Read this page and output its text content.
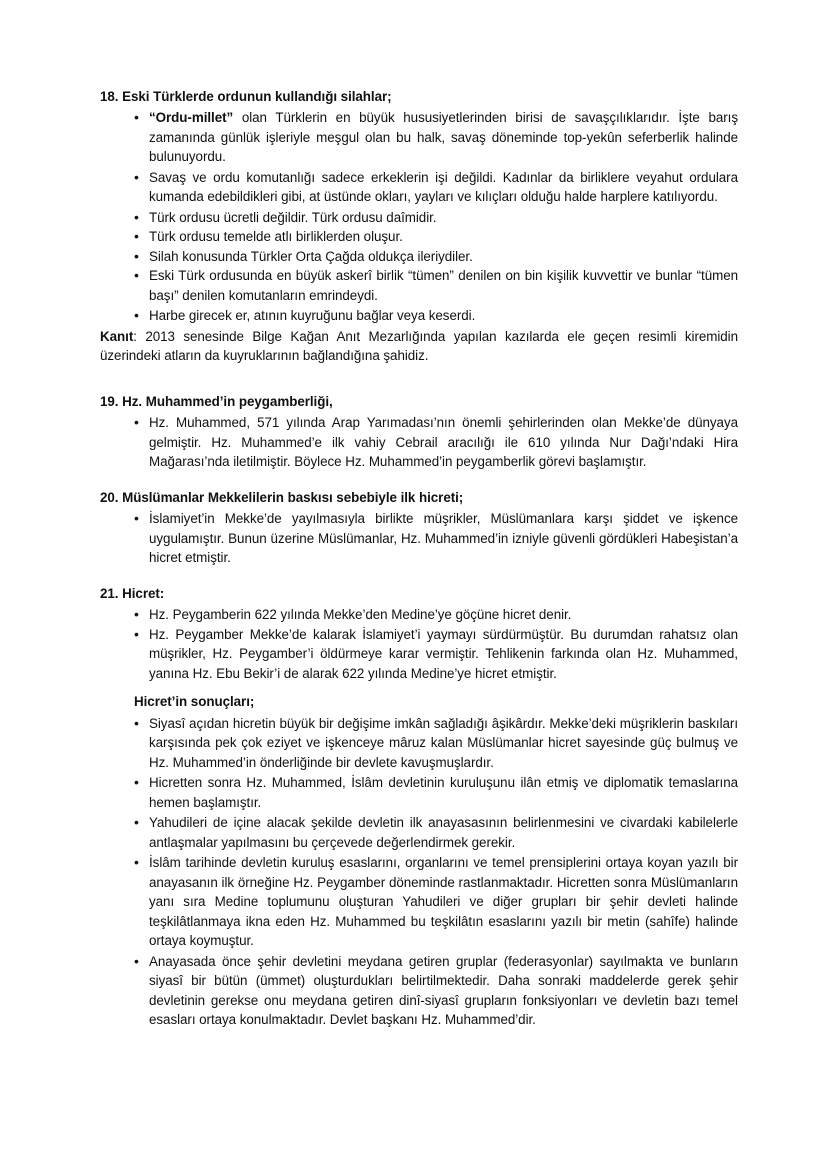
18. Eski Türklerde ordunun kullandığı silahlar;
• “Ordu-millet” olan Türklerin en büyük hususiyetlerinden birisi de savaşçılıklarıdır. İşte barış zamanında günlük işleriyle meşgul olan bu halk, savaş döneminde top-yekûn seferberlik halinde bulunuyordu.
• Savaş ve ordu komutanlığı sadece erkeklerin işi değildi. Kadınlar da birliklere veyahut ordulara kumanda edebildikleri gibi, at üstünde okları, yayları ve kılıçları olduğu halde harplere katılıyordu.
• Türk ordusu ücretli değildir. Türk ordusu daîmidir.
• Türk ordusu temelde atlı birliklerden oluşur.
• Silah konusunda Türkler Orta Çağda oldukça ileriydiler.
• Eski Türk ordusunda en büyük askerî birlik “tümen” denilen on bin kişilik kuvvettir ve bunlar “tümen başı” denilen komutanların emrindeydi.
• Harbe girecek er, atının kuyruğunu bağlar veya keserdi.

Kanıt: 2013 senesinde Bilge Kağan Anıt Mezarlığında yapılan kazılarda ele geçen resimli kiremidin üzerindeki atların da kuyruklarının bağlandığına şahidiz.

19. Hz. Muhammed’in peygamberliği,
• Hz. Muhammed, 571 yılında Arap Yarımadası’nın önemli şehirlerinden olan Mekke’de dünyaya gelmiştir. Hz. Muhammed’e ilk vahiy Cebrail aracılığı ile 610 yılında Nur Dağı’ndaki Hira Mağarası’nda iletilmiştir. Böylece Hz. Muhammed’in peygamberlik görevi başlamıştır.
20. Müslümanlar Mekkelilerin baskısı sebebiyle ilk hicreti;
• İslamiyet’in Mekke’de yayılmasıyla birlikte müşrikler, Müslümanlara karşı şiddet ve işkence uygulamıştır. Bunun üzerine Müslümanlar, Hz. Muhammed’in izniyle güvenli gördükleri Habeşistan’a hicret etmiştir.
21. Hicret:
• Hz. Peygamberin 622 yılında Mekke’den Medine’ye göçüne hicret denir.
• Hz. Peygamber Mekke’de kalarak İslamiyet’i yaymayı sürdürmüştür. Bu durumdan rahatsız olan müşrikler, Hz. Peygamber’i öldürmeye karar vermiştir. Tehlikenin farkında olan Hz. Muhammed, yanına Hz. Ebu Bekir’i de alarak 622 yılında Medine’ye hicret etmiştir.
Hicret’in sonuçları;
• Siyasî açıdan hicretin büyük bir değişime imkân sağladığı âşikârdır. Mekke’deki müşriklerin baskıları karşısında pek çok eziyet ve işkenceye mâruz kalan Müslümanlar hicret sayesinde güç bulmuş ve Hz. Muhammed’in önderliğinde bir devlete kavuşmuşlardır.
• Hicretten sonra Hz. Muhammed, İslâm devletinin kuruluşunu ilân etmiş ve diplomatik temaslarına hemen başlamıştır.
• Yahudileri de içine alacak şekilde devletin ilk anayasasının belirlenmesini ve civardaki kabilelerle antlaşmalar yapılmasını bu çerçevede değerlendirmek gerekir.
• İslâm tarihinde devletin kuruluş esaslarını, organlarını ve temel prensiplerini ortaya koyan yazılı bir anayasanın ilk örneğine Hz. Peygamber döneminde rastlanmaktadır. Hicretten sonra Müslümanların yanı sıra Medine toplumunu oluşturan Yahudileri ve diğer grupları bir şehir devleti halinde teşkilâtlanmaya ikna eden Hz. Muhammed bu teşkilâtın esaslarını yazılı bir metin (sahîfe) halinde ortaya koymuştur.
• Anayasada önce şehir devletini meydana getiren gruplar (federasyonlar) sayılmakta ve bunların siyasî bir bütün (ümmet) oluşturdukları belirtilmektedir. Daha sonraki maddelerde gerek şehir devletinin gerekse onu meydana getiren dinî-siyasî grupların fonksiyonları ve devletin bazı temel esasları ortaya konulmaktadır. Devlet başkanı Hz. Muhammed’dir.
